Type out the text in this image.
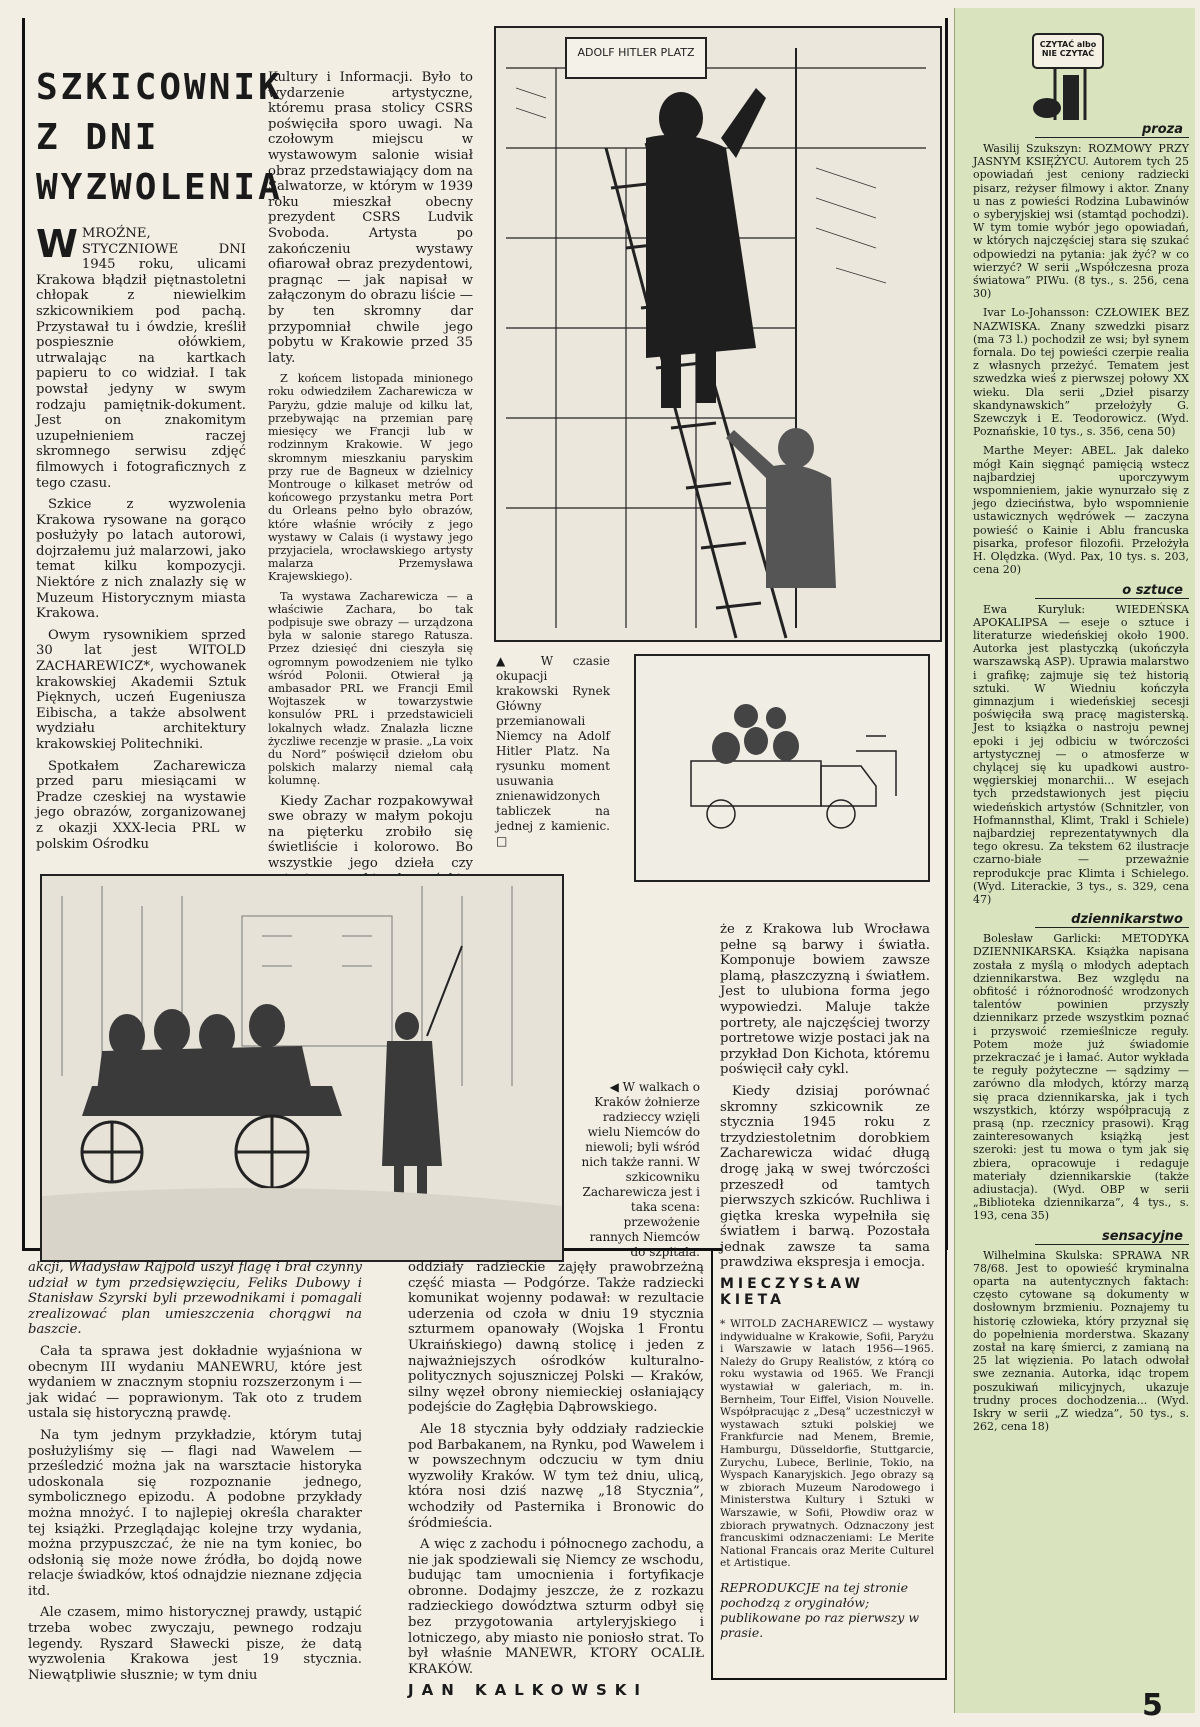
SZKICOWNIK
Z DNI
WYZWOLENIA

WMROŹNE, STYCZNIOWE DNI 1945 roku, ulicami Krakowa błądził piętnastoletni chłopak z niewielkim szkicownikiem pod pachą. Przystawał tu i ówdzie, kreślił pospiesznie ołówkiem, utrwalając na kartkach papieru to co widział. I tak powstał jedyny w swym rodzaju pamiętnik-dokument. Jest on znakomitym uzupełnieniem raczej skromnego serwisu zdjęć filmowych i fotograficznych z tego czasu.

Szkice z wyzwolenia Krakowa rysowane na gorąco posłużyły po latach autorowi, dojrzałemu już malarzowi, jako temat kilku kompozycji. Niektóre z nich znalazły się w Muzeum Historycznym miasta Krakowa.

Owym rysownikiem sprzed 30 lat jest WITOLD ZACHAREWICZ*, wychowanek krakowskiej Akademii Sztuk Pięknych, uczeń Eugeniusza Eibischa, a także absolwent wydziału architektury krakowskiej Politechniki.

Spotkałem Zacharewicza przed paru miesiącami w Pradze czeskiej na wystawie jego obrazów, zorganizowanej z okazji XXX-lecia PRL w polskim Ośrodku

Kultury i Informacji. Było to wydarzenie artystyczne, któremu prasa stolicy CSRS poświęciła sporo uwagi. Na czołowym miejscu w wystawowym salonie wisiał obraz przedstawiający dom na Salwatorze, w którym w 1939 roku mieszkał obecny prezydent CSRS Ludvik Svoboda. Artysta po zakończeniu wystawy ofiarował obraz prezydentowi, pragnąc — jak napisał w załączonym do obrazu liście — by ten skromny dar przypomniał chwile jego pobytu w Krakowie przed 35 laty.

Z końcem listopada minionego roku odwiedziłem Zacharewicza w Paryżu, gdzie maluje od kilku lat, przebywając na przemian parę miesięcy we Francji lub w rodzinnym Krakowie. W jego skromnym mieszkaniu paryskim przy rue de Bagneux w dzielnicy Montrouge o kilkaset metrów od końcowego przystanku metra Port du Orleans pełno było obrazów, które właśnie wróciły z jego wystawy w Calais (i wystawy jego przyjaciela, wrocławskiego artysty malarza Przemysława Krajewskiego).

Ta wystawa Zacharewicza — a właściwie Zachara, bo tak podpisuje swe obrazy — urządzona była w salonie starego Ratusza. Przez dziesięć dni cieszyła się ogromnym powodzeniem nie tylko wśród Polonii. Otwierał ją ambasador PRL we Francji Emil Wojtaszek w towarzystwie konsulów PRL i przedstawicieli lokalnych władz. Znalazła liczne życzliwe recenzje w prasie. „La voix du Nord” poświęcił dziełom obu polskich malarzy niemal całą kolumnę.

Kiedy Zachar rozpakowywał swe obrazy w małym pokoju na pięterku zrobiło się świetliście i kolorowo. Bo wszystkie jego dzieła czy

ADOLF HITLER PLATZ
▲ W czasie okupacji krakowski Rynek Główny przemianowali Niemcy na Adolf Hitler Platz. Na rysunku moment usuwania znienawidzonych tabliczek na jednej z kamienic. □
◀ W walkach o Kraków żołnierze radzieccy wzięli wielu Niemców do niewoli; byli wśród nich także ranni. W szkicowniku Zacharewicza jest i taka scena: przewożenie rannych Niemców do szpitala.

że z Krakowa lub Wrocława pełne są barwy i światła. Komponuje bowiem zawsze plamą, płaszczyzną i światłem. Jest to ulubiona forma jego wypowiedzi. Maluje także portrety, ale najczęściej tworzy portretowe wizje postaci jak na przykład Don Kichota, któremu poświęcił cały cykl.

Kiedy dzisiaj porównać skromny szkicownik ze stycznia 1945 roku z trzydziestoletnim dorobkiem Zacharewicza widać długą drogę jaką w swej twórczości przeszedł od tamtych pierwszych szkiców. Ruchliwa i giętka kreska wypełniła się światłem i barwą. Pozostała jednak zawsze ta sama prawdziwa ekspresja i emocja.

MIECZYSŁAW KIETA

akcji, Władysław Rajpold uszył flagę i brał czynny udział w tym przedsięwzięciu, Feliks Dubowy i Stanisław Szyrski byli przewodnikami i pomagali zrealizować plan umieszczenia chorągwi na baszcie.

Cała ta sprawa jest dokładnie wyjaśniona w obecnym III wydaniu MANEWRU, które jest wydaniem w znacznym stopniu rozszerzonym i — jak widać — poprawionym. Tak oto z trudem ustala się historyczną prawdę.

Na tym jednym przykładzie, którym tutaj posłużyliśmy się — flagi nad Wawelem — prześledzić można jak na warsztacie historyka udoskonala się rozpoznanie jednego, symbolicznego epizodu. A podobne przykłady można mnożyć. I to najlepiej określa charakter tej książki. Przeglądając kolejne trzy wydania, można przypuszczać, że nie na tym koniec, bo odsłonią się może nowe źródła, bo dojdą nowe relacje świadków, ktoś odnajdzie nieznane zdjęcia itd.

Ale czasem, mimo historycznej prawdy, ustąpić trzeba wobec zwyczaju, pewnego rodzaju legendy. Ryszard Sławecki pisze, że datą wyzwolenia Krakowa jest 19 stycznia. Niewątpliwie słusznie; w tym dniu

oddziały radzieckie zajęły prawobrzeżną część miasta — Podgórze. Także radziecki komunikat wojenny podawał: w rezultacie uderzenia od czoła w dniu 19 stycznia szturmem opanowały (Wojska 1 Frontu Ukraińskiego) dawną stolicę i jeden z najważniejszych ośrodków kulturalno-politycznych sojuszniczej Polski — Kraków, silny węzeł obrony niemieckiej osłaniający podejście do Zagłębia Dąbrowskiego.

Ale 18 stycznia były oddziały radzieckie pod Barbakanem, na Rynku, pod Wawelem i w powszechnym odczuciu w tym dniu wyzwoliły Kraków. W tym też dniu, ulicą, która nosi dziś nazwę „18 Stycznia”, wchodziły od Pasternika i Bronowic do śródmieścia.

A więc z zachodu i północnego zachodu, a nie jak spodziewali się Niemcy ze wschodu, budując tam umocnienia i fortyfikacje obronne. Dodajmy jeszcze, że z rozkazu radzieckiego dowództwa szturm odbył się bez przygotowania artyleryjskiego i lotniczego, aby miasto nie poniosło strat. To był właśnie MANEWR, KTORY OCALIŁ KRAKÓW.

JAN KALKOWSKI
* WITOLD ZACHAREWICZ — wystawy indywidualne w Krakowie, Sofii, Paryżu i Warszawie w latach 1956—1965. Należy do Grupy Realistów, z którą co roku wystawia od 1965. We Francji wystawiał w galeriach, m. in. Bernheim, Tour Eiffel, Vision Nouvelle. Współpracując z „Desą” uczestniczył w wystawach sztuki polskiej we Frankfurcie nad Menem, Bremie, Hamburgu, Düsseldorfie, Stuttgarcie, Zurychu, Lubece, Berlinie, Tokio, na Wyspach Kanaryjskich. Jego obrazy są w zbiorach Muzeum Narodowego i Ministerstwa Kultury i Sztuki w Warszawie, w Sofii, Płowdiw oraz w zbiorach prywatnych. Odznaczony jest francuskimi odznaczeniami: Le Merite National Francais oraz Merite Culturel et Artistique.
REPRODUKCJE na tej stronie pochodzą z oryginałów; publikowane po raz pierwszy w prasie.
CZYTAĆ albo NIE CZYTAĆ
proza

Wasilij Szukszyn: ROZMOWY PRZY JASNYM KSIĘŻYCU. Autorem tych 25 opowiadań jest ceniony radziecki pisarz, reżyser filmowy i aktor. Znany u nas z powieści Rodzina Lubawinów o syberyjskiej wsi (stamtąd pochodzi). W tym tomie wybór jego opowiadań, w których najczęściej stara się szukać odpowiedzi na pytania: jak żyć? w co wierzyć? W serii „Współczesna proza światowa” PIWu. (8 tys., s. 256, cena 30)

Ivar Lo-Johansson: CZŁOWIEK BEZ NAZWISKA. Znany szwedzki pisarz (ma 73 l.) pochodził ze wsi; był synem fornala. Do tej powieści czerpie realia z własnych przeżyć. Tematem jest szwedzka wieś z pierwszej połowy XX wieku. Dla serii „Dzieł pisarzy skandynawskich” przełożyły G. Szewczyk i E. Teodorowicz. (Wyd. Poznańskie, 10 tys., s. 356, cena 50)

Marthe Meyer: ABEL. Jak daleko mógł Kain sięgnąć pamięcią wstecz najbardziej uporczywym wspomnieniem, jakie wynurzało się z jego dzieciństwa, było wspomnienie ustawicznych wędrówek — zaczyna powieść o Kainie i Ablu francuska pisarka, profesor filozofii. Przełożyła H. Olędzka. (Wyd. Pax, 10 tys. s. 203, cena 20)

o sztuce

Ewa Kuryluk: WIEDEŃSKA APOKALIPSA — eseje o sztuce i literaturze wiedeńskiej około 1900. Autorka jest plastyczką (ukończyła warszawską ASP). Uprawia malarstwo i grafikę; zajmuje się też historią sztuki. W Wiedniu kończyła gimnazjum i wiedeńskiej secesji poświęciła swą pracę magisterską. Jest to książka o nastroju pewnej epoki i jej odbiciu w twórczości artystycznej — o atmosferze w chylącej się ku upadkowi austro-węgierskiej monarchii... W esejach tych przedstawionych jest pięciu wiedeńskich artystów (Schnitzler, von Hofmannsthal, Klimt, Trakl i Schiele) najbardziej reprezentatywnych dla tego okresu. Za tekstem 62 ilustracje czarno-białe — przeważnie reprodukcje prac Klimta i Schielego. (Wyd. Literackie, 3 tys., s. 329, cena 47)

dziennikarstwo

Bolesław Garlicki: METODYKA DZIENNIKARSKA. Książka napisana została z myślą o młodych adeptach dziennikarstwa. Bez względu na obfitość i różnorodność wrodzonych talentów powinien przyszły dziennikarz przede wszystkim poznać i przyswoić rzemieślnicze reguły. Potem może już świadomie przekraczać je i łamać. Autor wykłada te reguły pożyteczne — sądzimy — zarówno dla młodych, którzy marzą się praca dziennikarska, jak i tych wszystkich, którzy współpracują z prasą (np. rzecznicy prasowi). Krąg zainteresowanych książką jest szeroki: jest tu mowa o tym jak się zbiera, opracowuje i redaguje materiały dziennikarskie (także adiustacja). (Wyd. OBP w serii „Biblioteka dziennikarza”, 4 tys., s. 193, cena 35)

sensacyjne

Wilhelmina Skulska: SPRAWA NR 78/68. Jest to opowieść kryminalna oparta na autentycznych faktach: często cytowane są dokumenty w dosłownym brzmieniu. Poznajemy tu historię człowieka, który przyznał się do popełnienia morderstwa. Skazany został na karę śmierci, z zamianą na 25 lat więzienia. Po latach odwołał swe zeznania. Autorka, idąc tropem poszukiwań milicyjnych, ukazuje trudny proces dochodzenia... (Wyd. Iskry w serii „Z wiedza”, 50 tys., s. 262, cena 18)

5
